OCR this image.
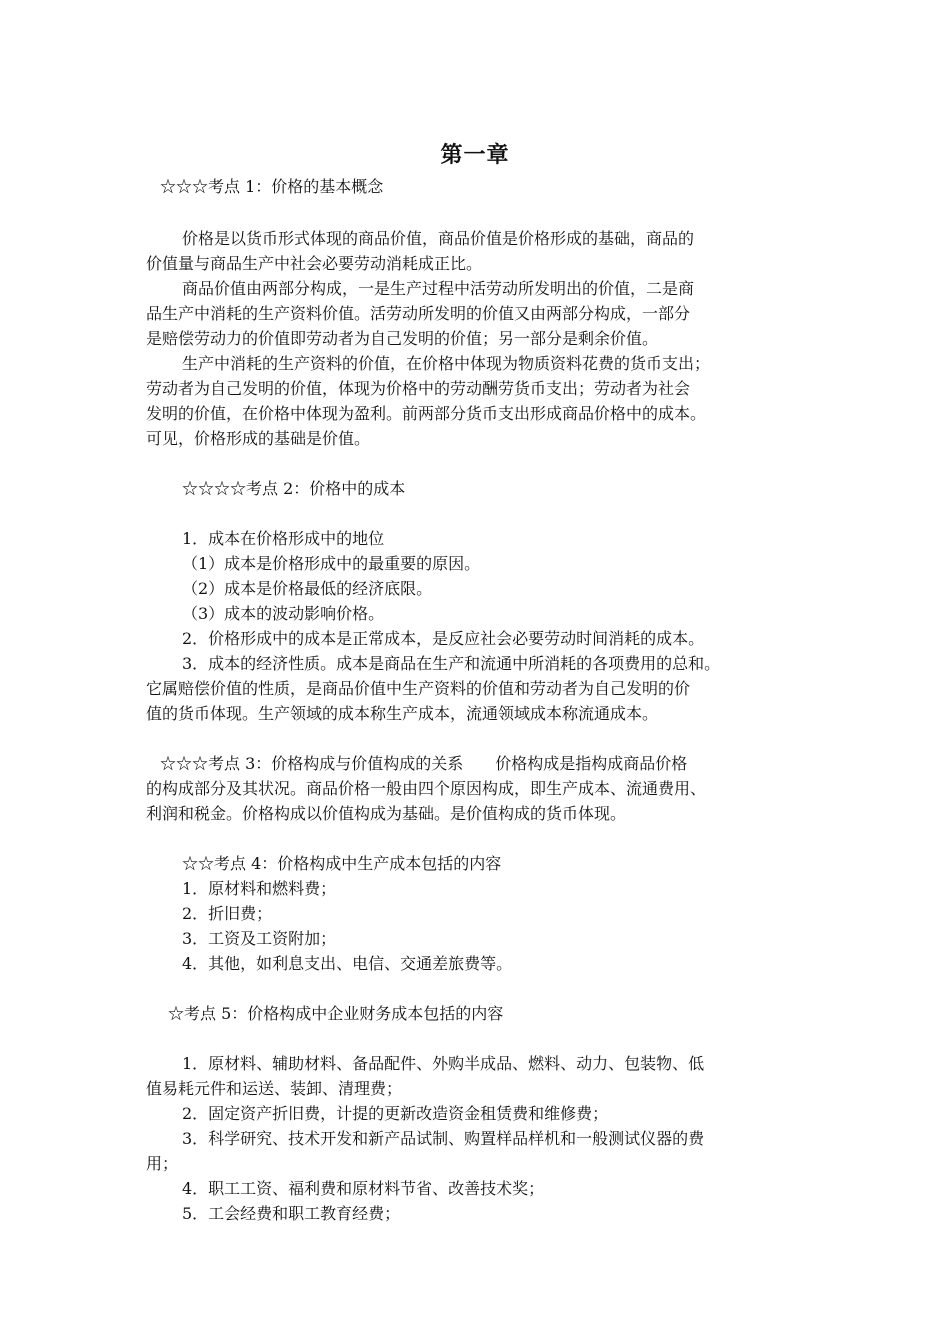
第一章
☆☆☆考点 1：价格的基本概念
价格是以货币形式体现的商品价值，商品价值是价格形成的基础，商品的
价值量与商品生产中社会必要劳动消耗成正比。
商品价值由两部分构成，一是生产过程中活劳动所发明出的价值，二是商
品生产中消耗的生产资料价值。活劳动所发明的价值又由两部分构成，一部分
是赔偿劳动力的价值即劳动者为自己发明的价值；另一部分是剩余价值。
生产中消耗的生产资料的价值，在价格中体现为物质资料花费的货币支出；
劳动者为自己发明的价值，体现为价格中的劳动酬劳货币支出；劳动者为社会
发明的价值，在价格中体现为盈利。前两部分货币支出形成商品价格中的成本。
可见，价格形成的基础是价值。
☆☆☆☆考点 2：价格中的成本
1．成本在价格形成中的地位
（1）成本是价格形成中的最重要的原因。
（2）成本是价格最低的经济底限。
（3）成本的波动影响价格。
2．价格形成中的成本是正常成本，是反应社会必要劳动时间消耗的成本。
3．成本的经济性质。成本是商品在生产和流通中所消耗的各项费用的总和。
它属赔偿价值的性质，是商品价值中生产资料的价值和劳动者为自己发明的价
值的货币体现。生产领域的成本称生产成本，流通领域成本称流通成本。
☆☆☆考点 3：价格构成与价值构成的关系　　价格构成是指构成商品价格
的构成部分及其状况。商品价格一般由四个原因构成，即生产成本、流通费用、
利润和税金。价格构成以价值构成为基础。是价值构成的货币体现。
☆☆考点 4：价格构成中生产成本包括的内容
1．原材料和燃料费；
2．折旧费；
3．工资及工资附加；
4．其他，如利息支出、电信、交通差旅费等。
☆考点 5：价格构成中企业财务成本包括的内容
1．原材料、辅助材料、备品配件、外购半成品、燃料、动力、包装物、低
值易耗元件和运送、装卸、清理费；
2．固定资产折旧费，计提的更新改造资金租赁费和维修费；
3．科学研究、技术开发和新产品试制、购置样品样机和一般测试仪器的费
用；
4．职工工资、福利费和原材料节省、改善技术奖；
5．工会经费和职工教育经费；
